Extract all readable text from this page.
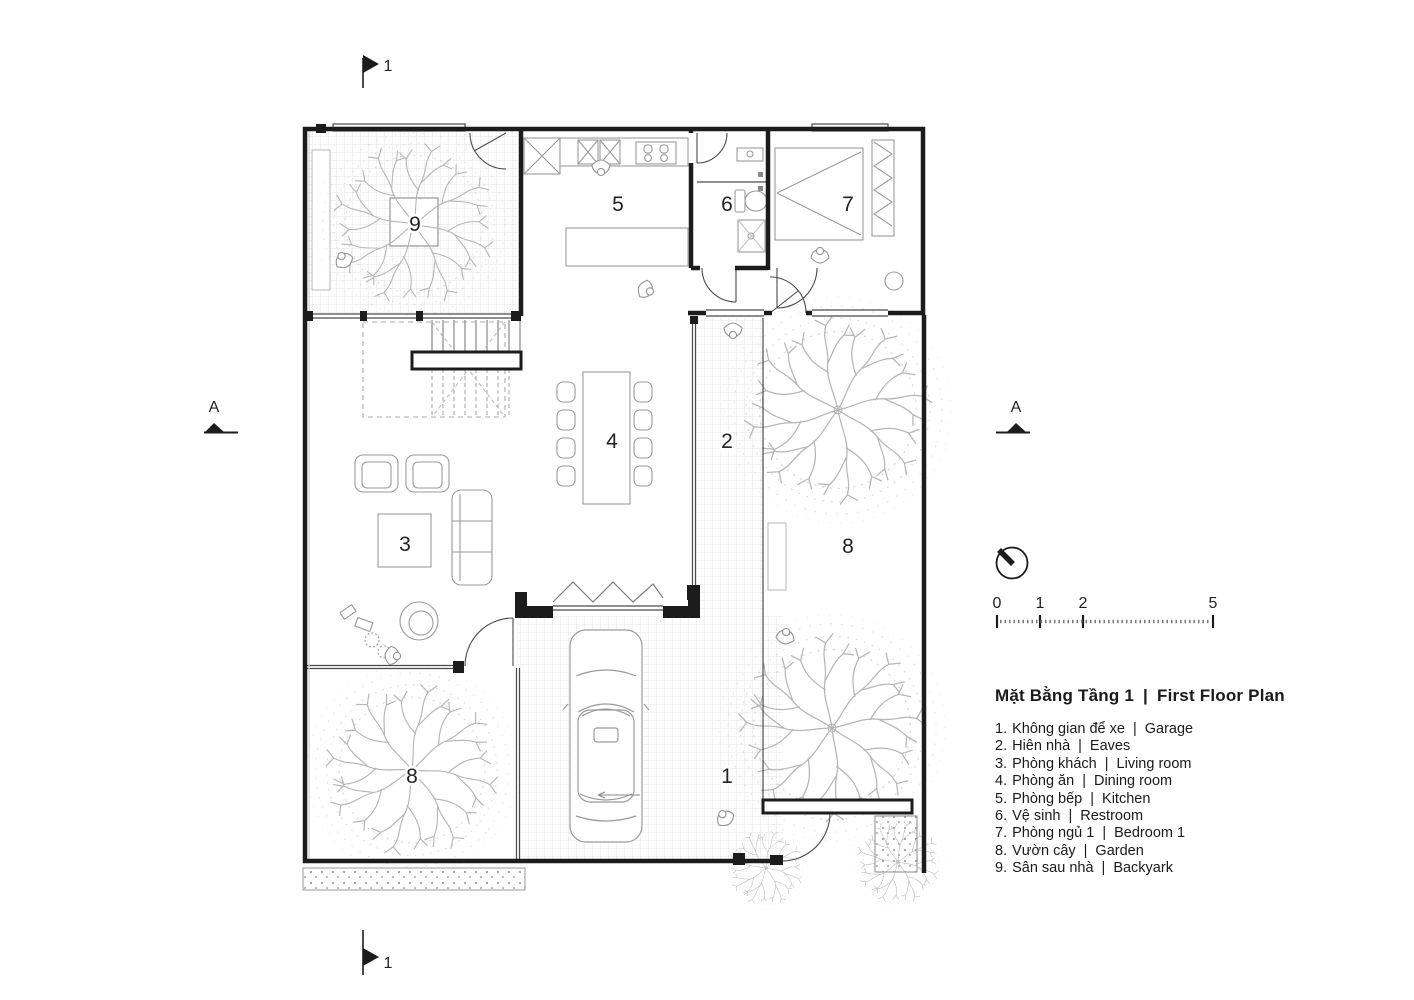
9
5	6	7
4	2
3	8
8	1
1
1
A	A
0 1 2	5
Mặt Bằng Tầng 1 | First Floor Plan
1. Không gian để xe | Garage
2. Hiên nhà | Eaves
3. Phòng khách | Living room
4. Phòng ăn | Dining room
5. Phòng bếp | Kitchen
6. Vệ sinh | Restroom
7. Phòng ngủ 1 | Bedroom 1
8. Vườn cây | Garden
9. Sân sau nhà | Backyark
